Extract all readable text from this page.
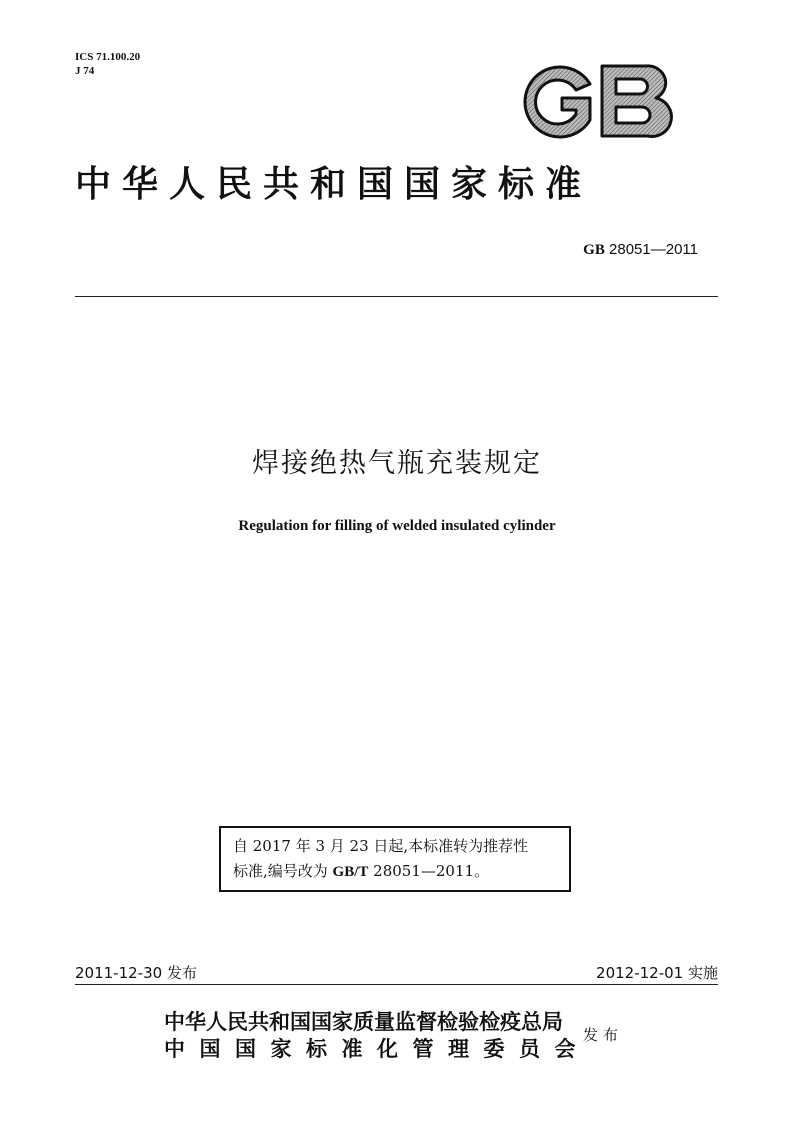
ICS 71.100.20
J 74
中华人民共和国国家标准
GB 28051—2011
焊接绝热气瓶充装规定
Regulation for filling of welded insulated cylinder
自 2017 年 3 月 23 日起,本标准转为推荐性
标准,编号改为 GB/T 28051—2011。
2011-12-30 发布	2012-12-01 实施
中华人民共和国国家质量监督检验检疫总局
中国国家标准化管理委员会
发布
